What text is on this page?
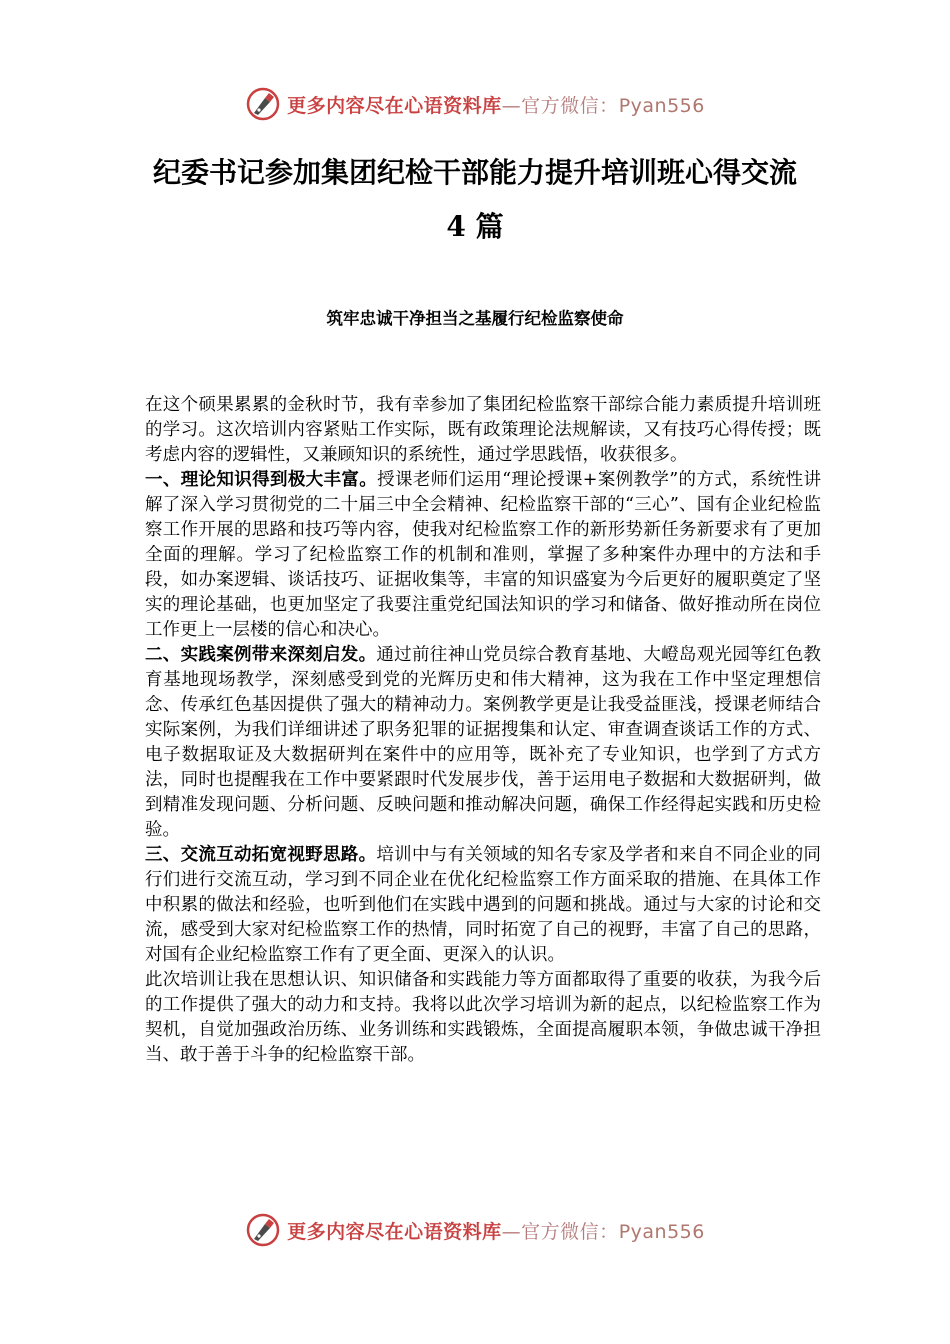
更多内容尽在心语资料库—官方微信：Pyan556
纪委书记参加集团纪检干部能力提升培训班心得交流
4 篇
筑牢忠诚干净担当之基履行纪检监察使命

在这个硕果累累的金秋时节，我有幸参加了集团纪检监察干部综合能力素质提升培训班的学习。这次培训内容紧贴工作实际，既有政策理论法规解读，又有技巧心得传授；既考虑内容的逻辑性，又兼顾知识的系统性，通过学思践悟，收获很多。

一、理论知识得到极大丰富。授课老师们运用“理论授课+案例教学”的方式，系统性讲解了深入学习贯彻党的二十届三中全会精神、纪检监察干部的“三心”、国有企业纪检监察工作开展的思路和技巧等内容，使我对纪检监察工作的新形势新任务新要求有了更加全面的理解。学习了纪检监察工作的机制和准则，掌握了多种案件办理中的方法和手段，如办案逻辑、谈话技巧、证据收集等，丰富的知识盛宴为今后更好的履职奠定了坚实的理论基础，也更加坚定了我要注重党纪国法知识的学习和储备、做好推动所在岗位工作更上一层楼的信心和决心。

二、实践案例带来深刻启发。通过前往神山党员综合教育基地、大嶝岛观光园等红色教育基地现场教学，深刻感受到党的光辉历史和伟大精神，这为我在工作中坚定理想信念、传承红色基因提供了强大的精神动力。案例教学更是让我受益匪浅，授课老师结合实际案例，为我们详细讲述了职务犯罪的证据搜集和认定、审查调查谈话工作的方式、电子数据取证及大数据研判在案件中的应用等，既补充了专业知识，也学到了方式方法，同时也提醒我在工作中要紧跟时代发展步伐，善于运用电子数据和大数据研判，做到精准发现问题、分析问题、反映问题和推动解决问题，确保工作经得起实践和历史检验。

三、交流互动拓宽视野思路。培训中与有关领域的知名专家及学者和来自不同企业的同行们进行交流互动，学习到不同企业在优化纪检监察工作方面采取的措施、在具体工作中积累的做法和经验，也听到他们在实践中遇到的问题和挑战。通过与大家的讨论和交流，感受到大家对纪检监察工作的热情，同时拓宽了自己的视野，丰富了自己的思路，对国有企业纪检监察工作有了更全面、更深入的认识。

此次培训让我在思想认识、知识储备和实践能力等方面都取得了重要的收获，为我今后的工作提供了强大的动力和支持。我将以此次学习培训为新的起点，以纪检监察工作为契机，自觉加强政治历练、业务训练和实践锻炼，全面提高履职本领，争做忠诚干净担当、敢于善于斗争的纪检监察干部。

更多内容尽在心语资料库—官方微信：Pyan556
